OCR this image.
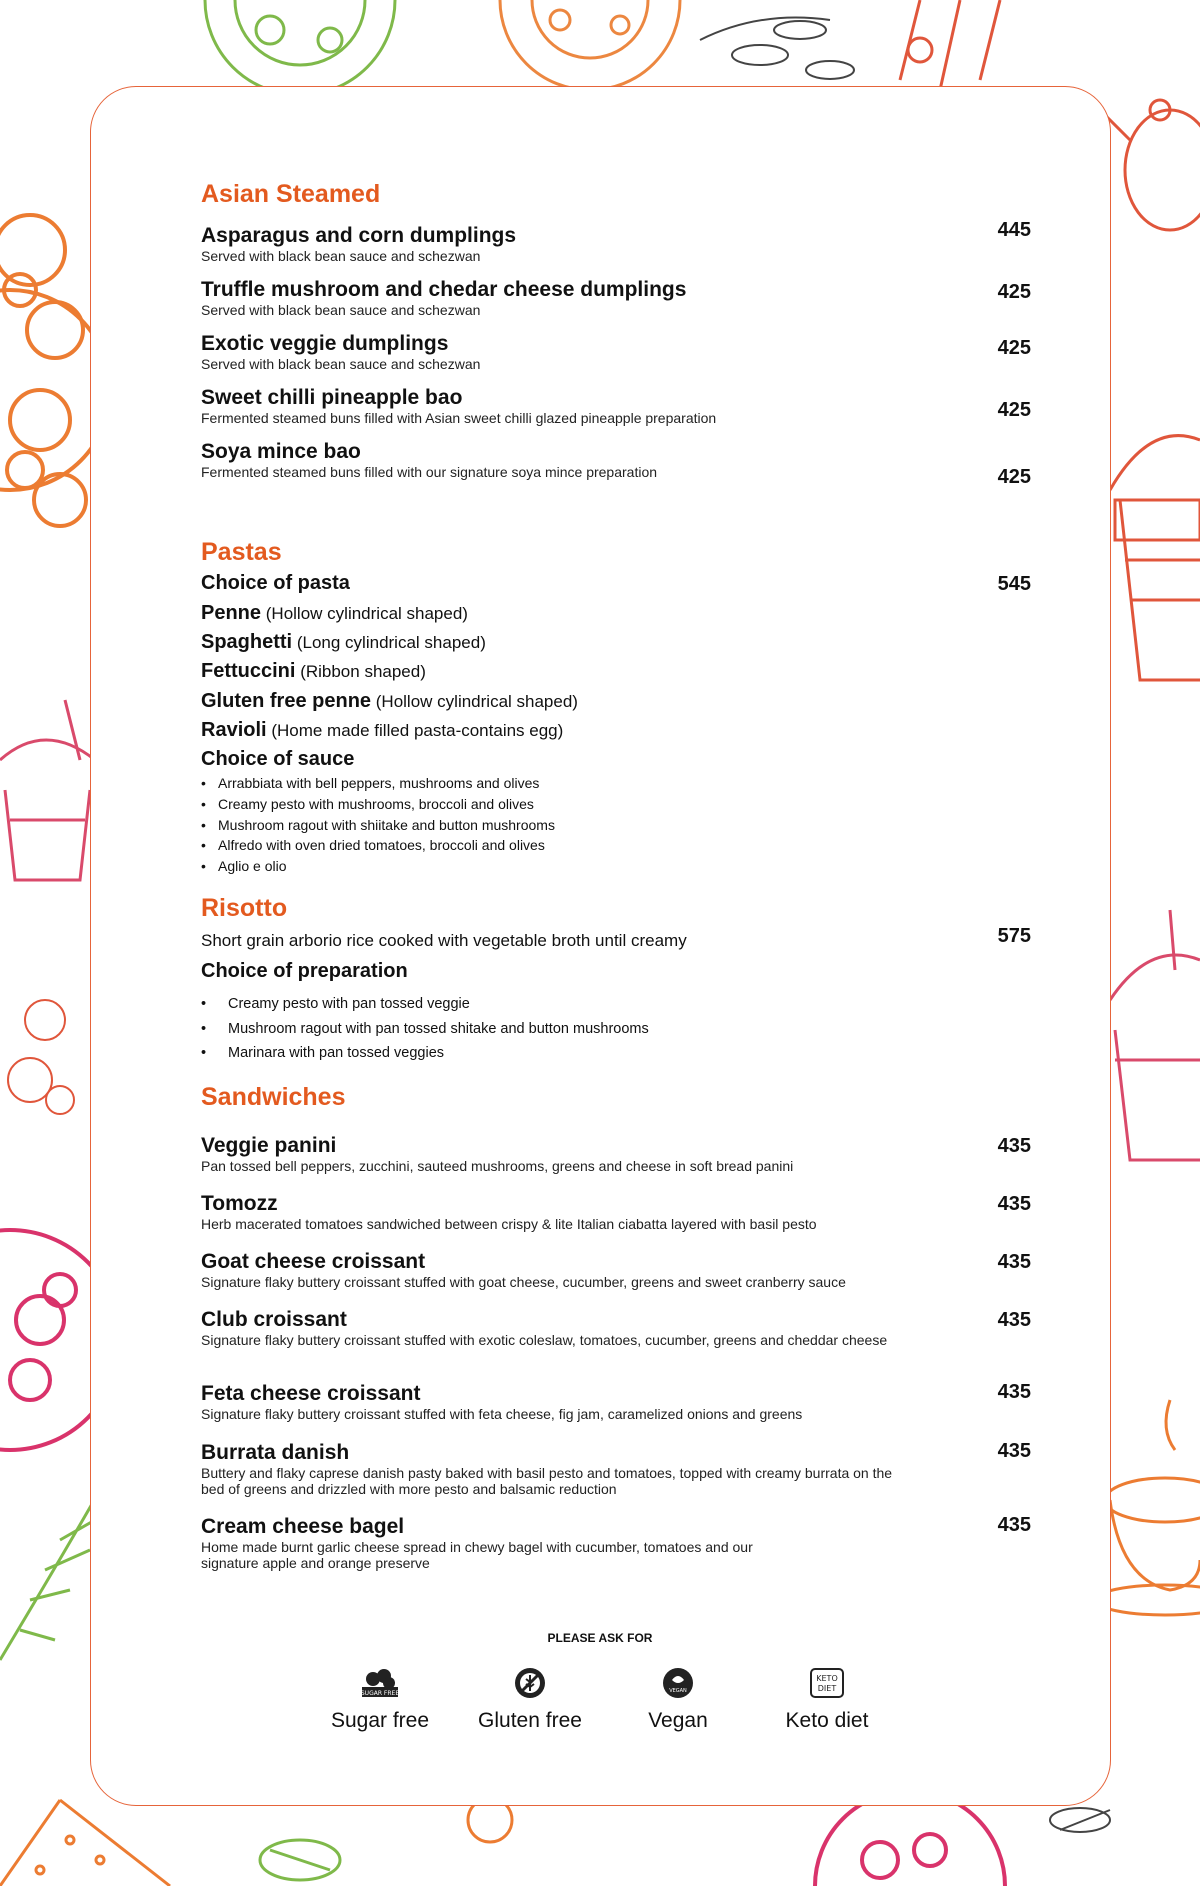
Asian Steamed
Asparagus and corn dumplings
Served with black bean sauce and schezwan
445
Truffle mushroom and chedar cheese dumplings
Served with black bean sauce and schezwan
425
Exotic veggie dumplings
Served with black bean sauce and schezwan
425
Sweet chilli pineapple bao
Fermented steamed buns filled with Asian sweet chilli glazed pineapple preparation	425
Soya mince bao
Fermented steamed buns filled with our signature soya mince preparation	425
Pastas
Choice of pasta	545
Penne (Hollow cylindrical shaped)
Spaghetti (Long cylindrical shaped)
Fettuccini (Ribbon shaped)
Gluten free penne (Hollow cylindrical shaped)
Ravioli (Home made filled pasta-contains egg)
Choice of sauce
• Arrabbiata with bell peppers, mushrooms and olives
• Creamy pesto with mushrooms, broccoli and olives
• Mushroom ragout with shiitake and button mushrooms
• Alfredo with oven dried tomatoes, broccoli and olives
• Aglio e olio
Risotto
Short grain arborio rice cooked with vegetable broth until creamy	575
Choice of preparation
• Creamy pesto with pan tossed veggie
• Mushroom ragout with pan tossed shitake and button mushrooms
• Marinara with pan tossed veggies
Sandwiches
Veggie panini
Pan tossed bell peppers, zucchini, sauteed mushrooms, greens and cheese in soft bread panini
435
Tomozz
Herb macerated tomatoes sandwiched between crispy & lite Italian ciabatta layered with basil pesto
435
Goat cheese croissant
Signature flaky buttery croissant stuffed with goat cheese, cucumber, greens and sweet cranberry sauce
435
Club croissant
Signature flaky buttery croissant stuffed with exotic coleslaw, tomatoes, cucumber, greens and cheddar cheese
435
Feta cheese croissant
Signature flaky buttery croissant stuffed with feta cheese, fig jam, caramelized onions and greens
435
Burrata danish
Buttery and flaky caprese danish pasty baked with basil pesto and tomatoes, topped with creamy burrata on the bed of greens and drizzled with more pesto and balsamic reduction
435
Cream cheese bagel
Home made burnt garlic cheese spread in chewy bagel with cucumber, tomatoes and our signature apple and orange preserve
435
PLEASE ASK FOR
SUGAR FREE
Sugar free	Gluten free
VEGAN
Vegan
KETO
DIET
Keto diet
